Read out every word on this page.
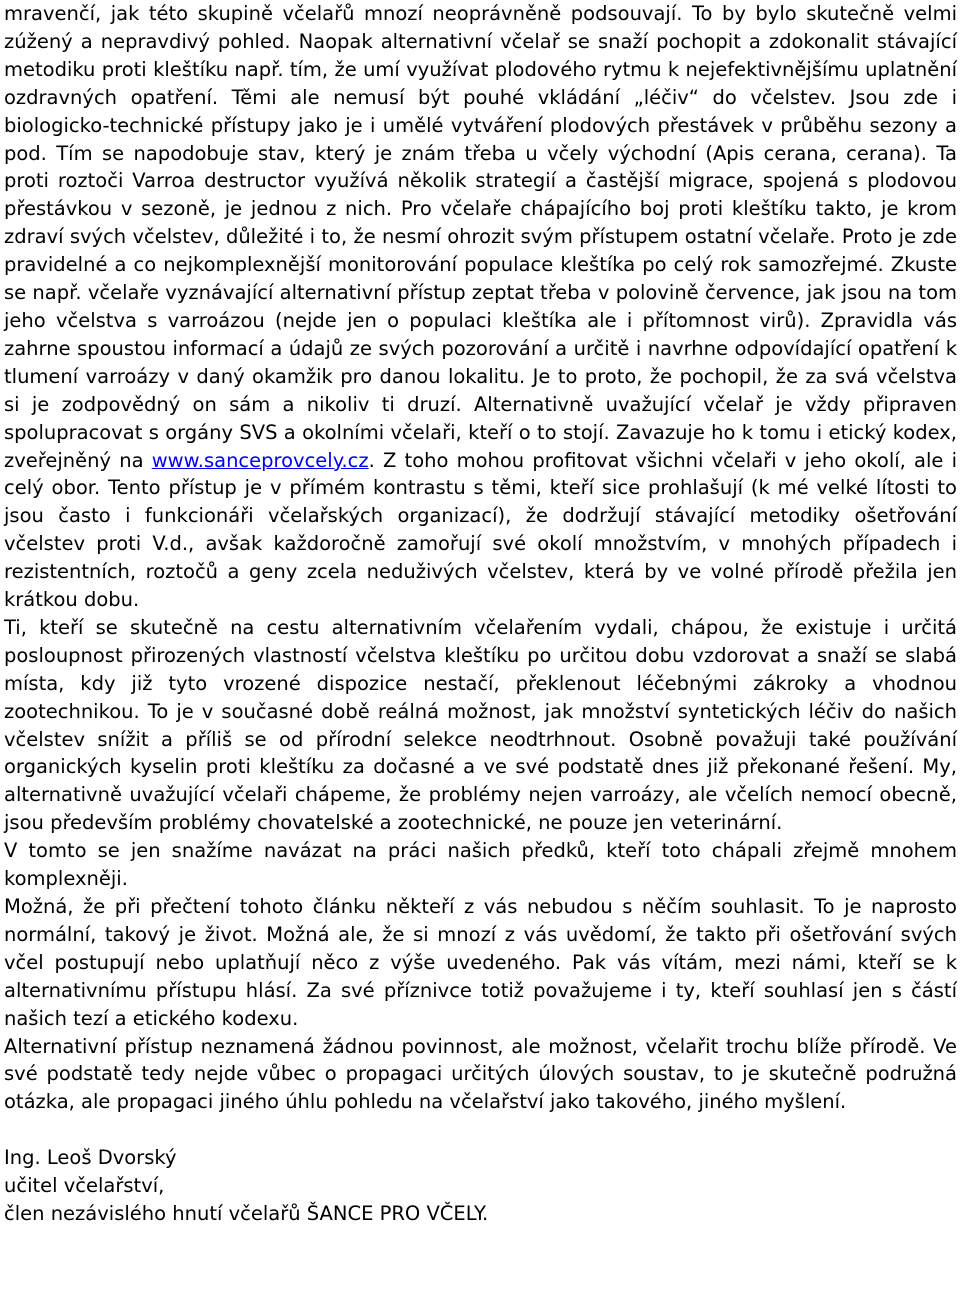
mravenčí, jak této skupině včelařů mnozí neoprávněně podsouvají. To by bylo skutečně velmi zúžený a nepravdivý pohled. Naopak alternativní včelař se snaží pochopit a zdokonalit stávající metodiku proti kleštíku např. tím, že umí využívat plodového rytmu k nejefektivnějšímu uplatnění ozdravných opatření. Těmi ale nemusí být pouhé vkládání „léčiv“ do včelstev. Jsou zde i biologicko-technické přístupy jako je i umělé vytváření plodových přestávek v průběhu sezony a pod. Tím se napodobuje stav, který je znám třeba u včely východní (Apis cerana, cerana). Ta proti roztoči Varroa destructor využívá několik strategií a častější migrace, spojená s plodovou přestávkou v sezoně, je jednou z nich. Pro včelaře chápajícího boj proti kleštíku takto, je krom zdraví svých včelstev, důležité i to, že nesmí ohrozit svým přístupem ostatní včelaře. Proto je zde pravidelné a co nejkomplexnější monitorování populace kleštíka po celý rok samozřejmé. Zkuste se např. včelaře vyznávající alternativní přístup zeptat třeba v polovině července, jak jsou na tom jeho včelstva s varroázou (nejde jen o populaci kleštíka ale i přítomnost virů). Zpravidla vás zahrne spoustou informací a údajů ze svých pozorování a určitě i navrhne odpovídající opatření k tlumení varroázy v daný okamžik pro danou lokalitu. Je to proto, že pochopil, že za svá včelstva si je zodpovědný on sám a nikoliv ti druzí. Alternativně uvažující včelař je vždy připraven spolupracovat s orgány SVS a okolními včelaři, kteří o to stojí. Zavazuje ho k tomu i etický kodex, zveřejněný na www.sanceprovcely.cz. Z toho mohou profitovat všichni včelaři v jeho okolí, ale i celý obor. Tento přístup je v přímém kontrastu s těmi, kteří sice prohlašují (k mé velké lítosti to jsou často i funkcionáři včelařských organizací), že dodržují stávající metodiky ošetřování včelstev proti V.d., avšak každoročně zamořují své okolí množstvím, v mnohých případech i rezistentních, roztočů a geny zcela neduživých včelstev, která by ve volné přírodě přežila jen krátkou dobu.

Ti, kteří se skutečně na cestu alternativním včelařením vydali, chápou, že existuje i určitá posloupnost přirozených vlastností včelstva kleštíku po určitou dobu vzdorovat a snaží se slabá místa, kdy již tyto vrozené dispozice nestačí, překlenout léčebnými zákroky a vhodnou zootechnikou. To je v současné době reálná možnost, jak množství syntetických léčiv do našich včelstev snížit a příliš se od přírodní selekce neodtrhnout. Osobně považuji také používání organických kyselin proti kleštíku za dočasné a ve své podstatě dnes již překonané řešení. My, alternativně uvažující včelaři chápeme, že problémy nejen varroázy, ale včelích nemocí obecně, jsou především problémy chovatelské a zootechnické, ne pouze jen veterinární.

V tomto se jen snažíme navázat na práci našich předků, kteří toto chápali zřejmě mnohem komplexněji.

Možná, že při přečtení tohoto článku někteří z vás nebudou s něčím souhlasit. To je naprosto normální, takový je život. Možná ale, že si mnozí z vás uvědomí, že takto při ošetřování svých včel postupují nebo uplatňují něco z výše uvedeného. Pak vás vítám, mezi námi, kteří se k alternativnímu přístupu hlásí. Za své příznivce totiž považujeme i ty, kteří souhlasí jen s částí našich tezí a etického kodexu.

Alternativní přístup neznamená žádnou povinnost, ale možnost, včelařit trochu blíže přírodě. Ve své podstatě tedy nejde vůbec o propagaci určitých úlových soustav, to je skutečně podružná otázka, ale propagaci jiného úhlu pohledu na včelařství jako takového, jiného myšlení.

Ing. Leoš Dvorský

učitel včelařství,

člen nezávislého hnutí včelařů ŠANCE PRO VČELY.
